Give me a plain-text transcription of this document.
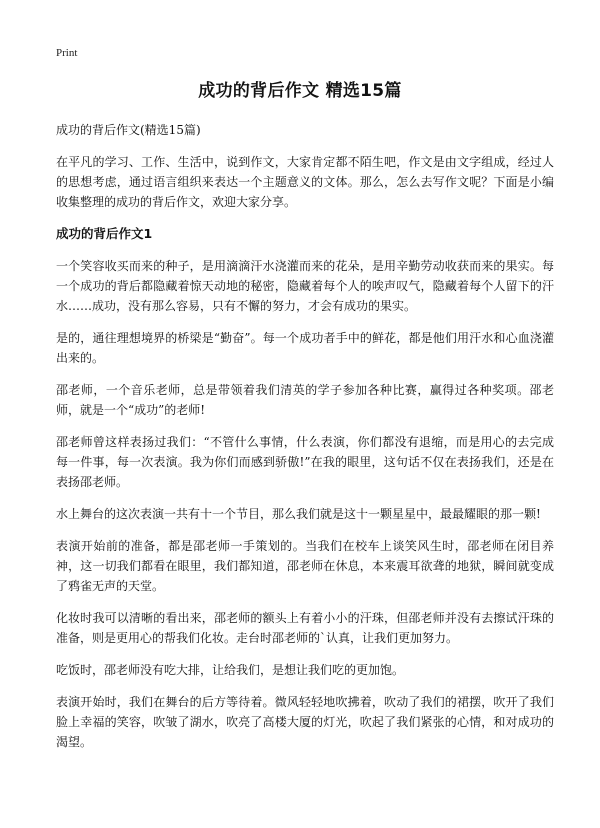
Print
成功的背后作文 精选15篇

成功的背后作文(精选15篇)

在平凡的学习、工作、生活中，说到作文，大家肯定都不陌生吧，作文是由文字组成，经过人的思想考虑，通过语言组织来表达一个主题意义的文体。那么，怎么去写作文呢？下面是小编收集整理的成功的背后作文，欢迎大家分享。

成功的背后作文1

一个笑容收买而来的种子，是用滴滴汗水浇灌而来的花朵，是用辛勤劳动收获而来的果实。每一个成功的背后都隐藏着惊天动地的秘密，隐藏着每个人的唉声叹气，隐藏着每个人留下的汗水……成功，没有那么容易，只有不懈的努力，才会有成功的果实。

是的，通往理想境界的桥梁是“勤奋”。每一个成功者手中的鲜花，都是他们用汗水和心血浇灌出来的。

邵老师，一个音乐老师，总是带领着我们清英的学子参加各种比赛，赢得过各种奖项。邵老师，就是一个“成功”的老师!

邵老师曾这样表扬过我们：“不管什么事情，什么表演，你们都没有退缩，而是用心的去完成每一件事，每一次表演。我为你们而感到骄傲!”在我的眼里，这句话不仅在表扬我们，还是在表扬邵老师。

水上舞台的这次表演一共有十一个节目，那么我们就是这十一颗星星中，最最耀眼的那一颗!

表演开始前的准备，都是邵老师一手策划的。当我们在校车上谈笑风生时，邵老师在闭目养神，这一切我们都看在眼里，我们都知道，邵老师在休息，本来震耳欲聋的地狱，瞬间就变成了鸦雀无声的天堂。

化妆时我可以清晰的看出来，邵老师的额头上有着小小的汗珠，但邵老师并没有去擦试汗珠的准备，则是更用心的帮我们化妆。走台时邵老师的`认真，让我们更加努力。

吃饭时，邵老师没有吃大排，让给我们，是想让我们吃的更加饱。

表演开始时，我们在舞台的后方等待着。微风轻轻地吹拂着，吹动了我们的裙摆，吹开了我们脸上幸福的笑容，吹皱了湖水，吹亮了高楼大厦的灯光，吹起了我们紧张的心情，和对成功的渴望。
